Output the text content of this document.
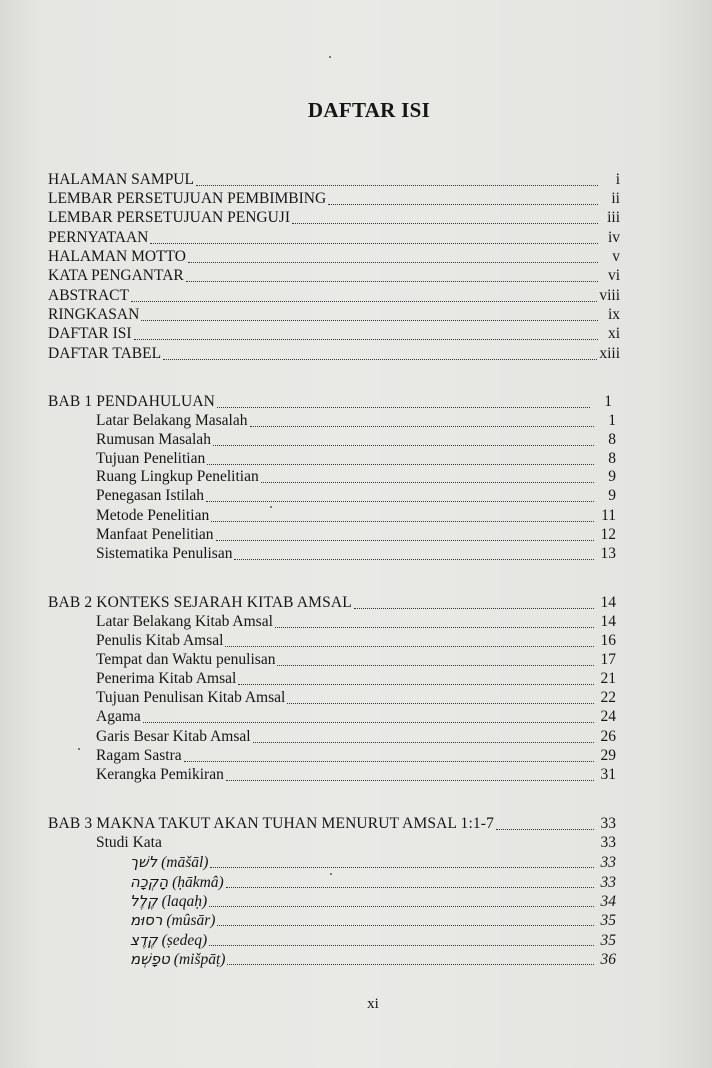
DAFTAR ISI
HALAMAN SAMPUL	i
LEMBAR PERSETUJUAN PEMBIMBING	ii
LEMBAR PERSETUJUAN PENGUJI	iii
PERNYATAAN	iv
HALAMAN MOTTO	v
KATA PENGANTAR	vi
ABSTRACT	viii
RINGKASAN	ix
DAFTAR ISI	xi
DAFTAR TABEL	xiii
BAB 1 PENDAHULUAN	1
Latar Belakang Masalah	1
Rumusan Masalah	8
Tujuan Penelitian	8
Ruang Lingkup Penelitian	9
Penegasan Istilah	9
Metode Penelitian	11
Manfaat Penelitian	12
Sistematika Penulisan	13
BAB 2 KONTEKS SEJARAH KITAB AMSAL	14
Latar Belakang Kitab Amsal	14
Penulis Kitab Amsal	16
Tempat dan Waktu penulisan	17
Penerima Kitab Amsal	21
Tujuan Penulisan Kitab Amsal	22
Agama	24
Garis Besar Kitab Amsal	26
Ragam Sastra	29
Kerangka Pemikiran	31
BAB 3 MAKNA TAKUT AKAN TUHAN MENURUT AMSAL 1:1-7	33
Studi Kata	33
לשׁך (māšāl)	33
הָקְכָה (ḥākmâ)	33
קֶלֶל (laqaḥ)	34
רסוּמ (mûsār)	35
קֶדֶצ (ṣedeq)	35
טפָשְׁמ (mišpāṭ)	36
xi
